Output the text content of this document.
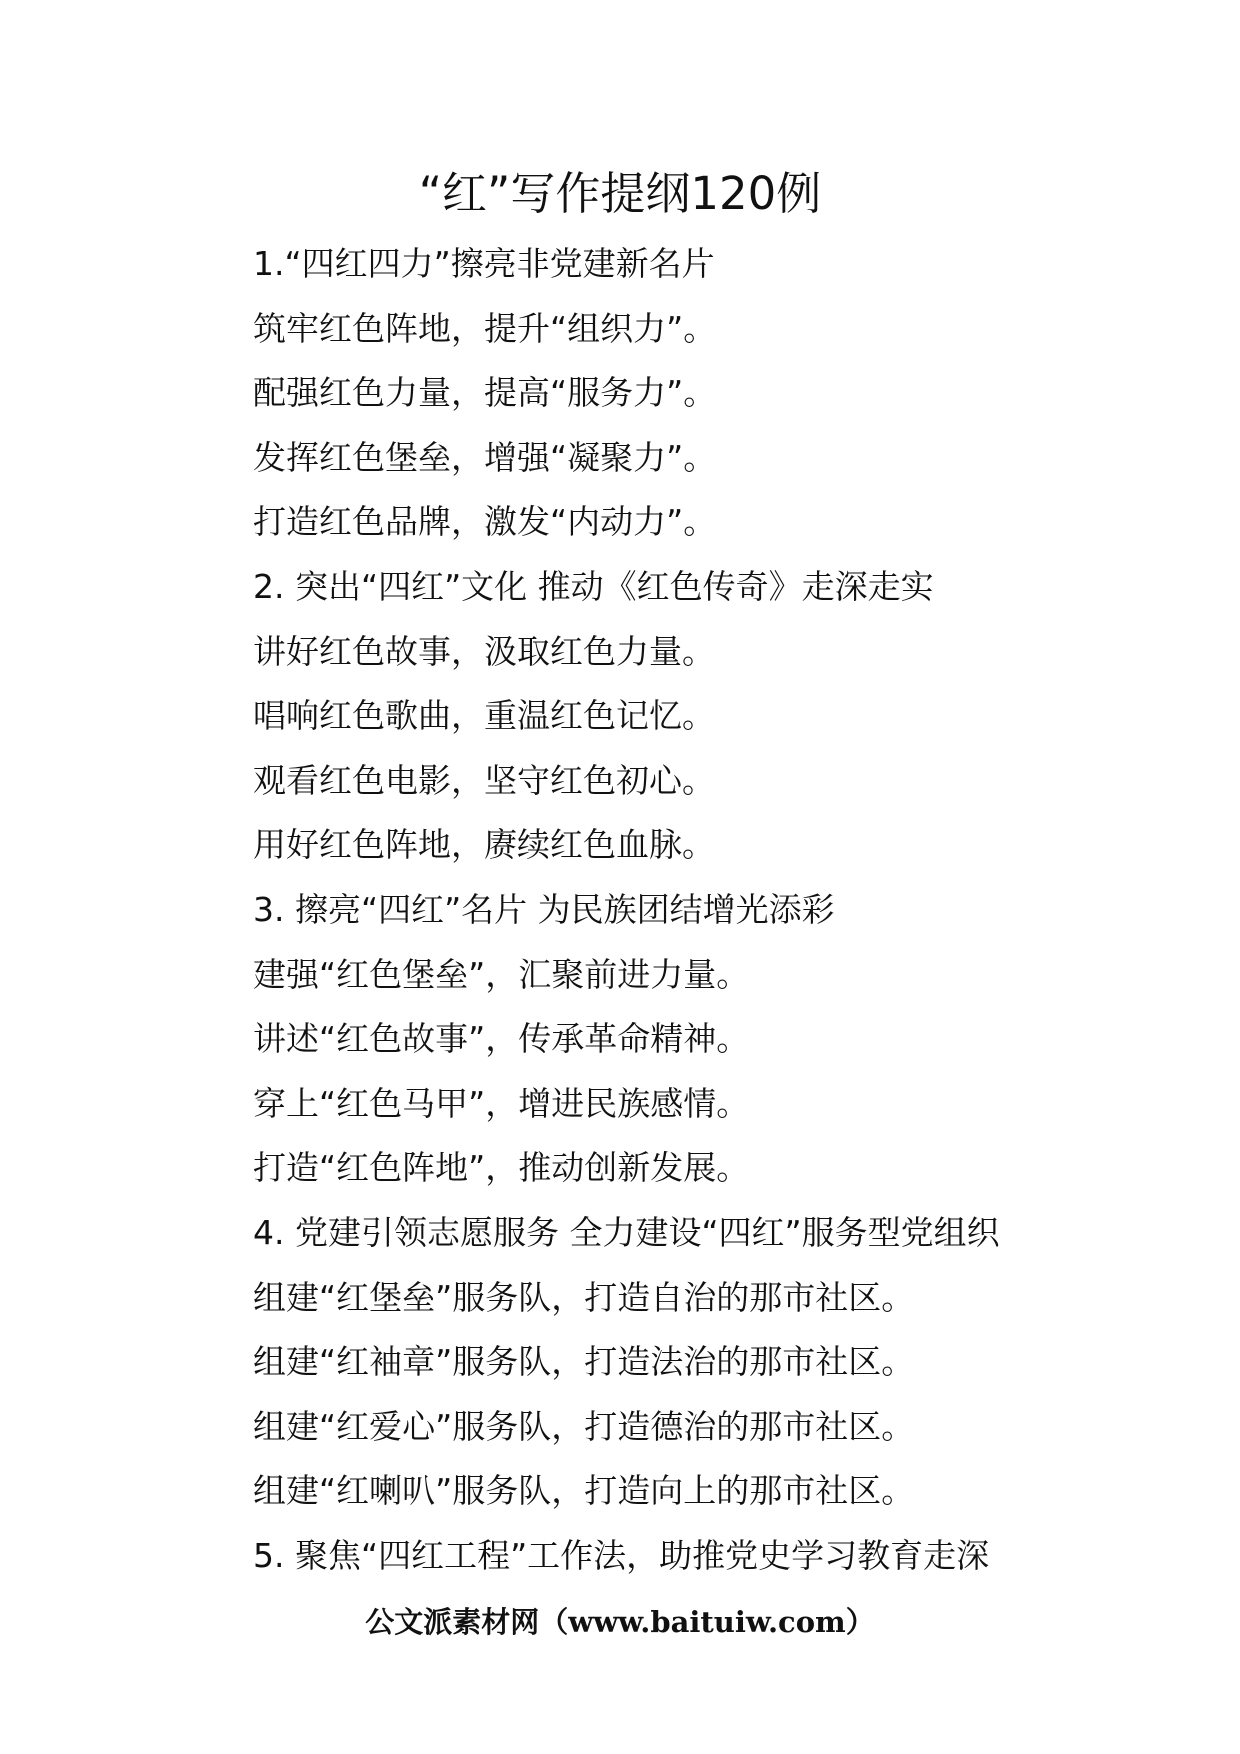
“红”写作提纲120例
1.“四红四力”擦亮非党建新名片
筑牢红色阵地，提升“组织力”。
配强红色力量，提高“服务力”。
发挥红色堡垒，增强“凝聚力”。
打造红色品牌，激发“内动力”。
2. 突出“四红”文化 推动《红色传奇》走深走实
讲好红色故事，汲取红色力量。
唱响红色歌曲，重温红色记忆。
观看红色电影，坚守红色初心。
用好红色阵地，赓续红色血脉。
3. 擦亮“四红”名片 为民族团结增光添彩
建强“红色堡垒”，汇聚前进力量。
讲述“红色故事”，传承革命精神。
穿上“红色马甲”，增进民族感情。
打造“红色阵地”，推动创新发展。
4. 党建引领志愿服务 全力建设“四红”服务型党组织
组建“红堡垒”服务队，打造自治的那市社区。
组建“红袖章”服务队，打造法治的那市社区。
组建“红爱心”服务队，打造德治的那市社区。
组建“红喇叭”服务队，打造向上的那市社区。
5. 聚焦“四红工程”工作法，助推党史学习教育走深
公文派素材网（www.baituiw.com）
